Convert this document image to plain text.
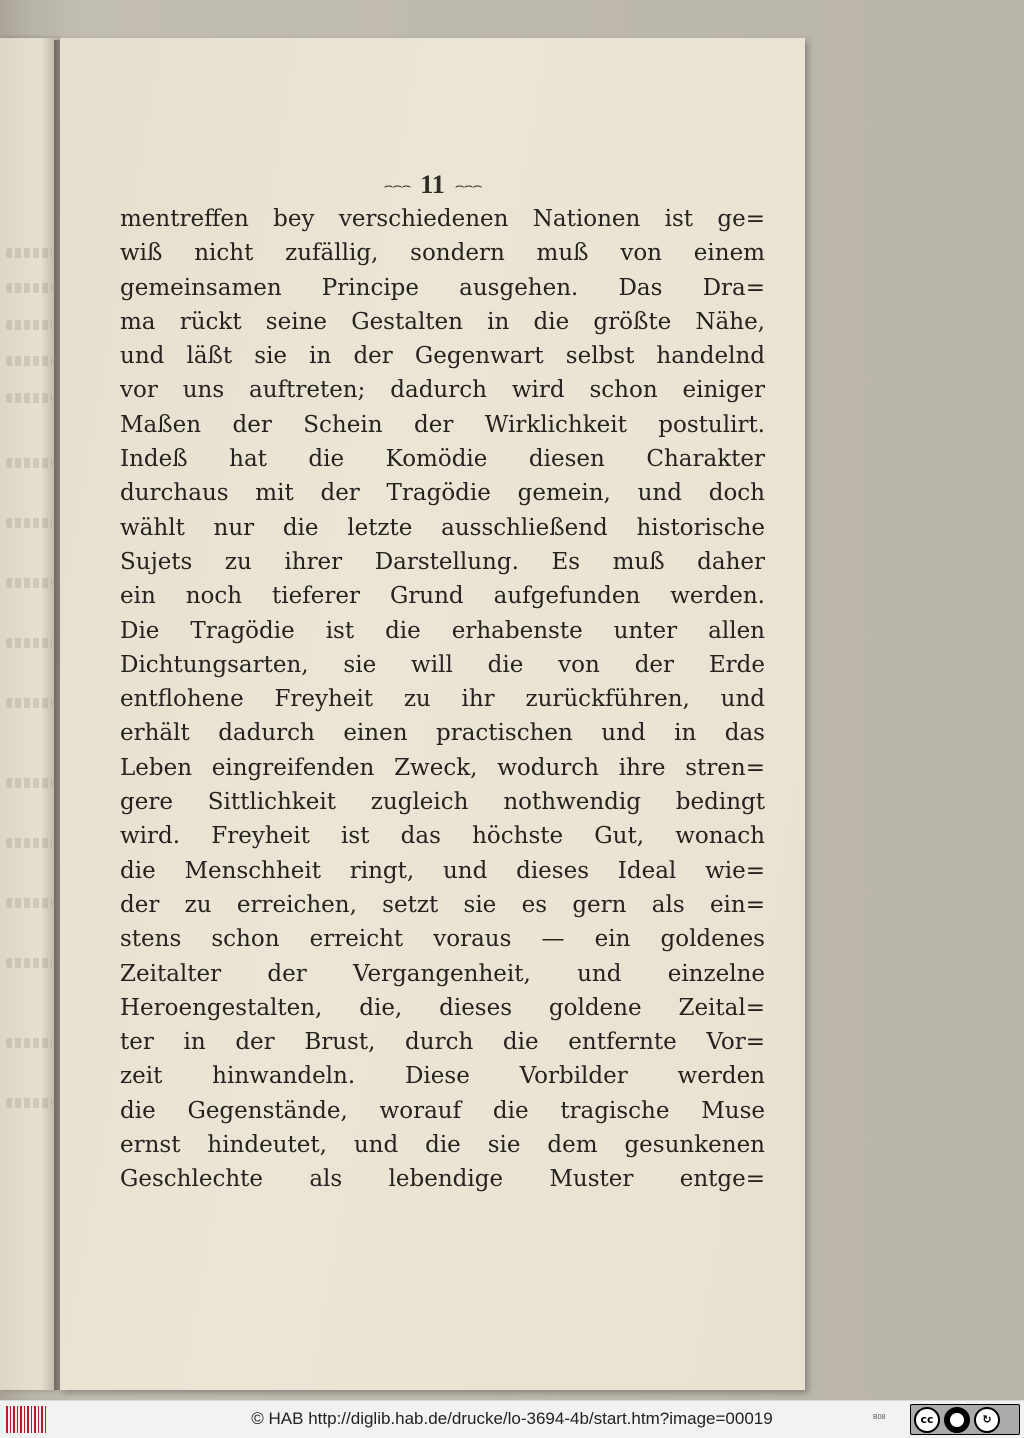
⌢⌢⌢ 11 ⌢⌢⌢
mentreffen bey verschiedenen Nationen ist ge=
wiß nicht zufällig, sondern muß von einem
gemeinsamen Principe ausgehen. Das Dra=
ma rückt seine Gestalten in die größte Nähe,
und läßt sie in der Gegenwart selbst handelnd
vor uns auftreten; dadurch wird schon einiger
Maßen der Schein der Wirklichkeit postulirt.
Indeß hat die Komödie diesen Charakter
durchaus mit der Tragödie gemein, und doch
wählt nur die letzte ausschließend historische
Sujets zu ihrer Darstellung. Es muß daher
ein noch tieferer Grund aufgefunden werden.
Die Tragödie ist die erhabenste unter allen
Dichtungsarten, sie will die von der Erde
entflohene Freyheit zu ihr zurückführen, und
erhält dadurch einen practischen und in das
Leben eingreifenden Zweck, wodurch ihre stren=
gere Sittlichkeit zugleich nothwendig bedingt
wird. Freyheit ist das höchste Gut, wonach
die Menschheit ringt, und dieses Ideal wie=
der zu erreichen, setzt sie es gern als ein=
stens schon erreicht voraus — ein goldenes
Zeitalter der Vergangenheit, und einzelne
Heroengestalten, die, dieses goldene Zeital=
ter in der Brust, durch die entfernte Vor=
zeit hinwandeln. Diese Vorbilder werden
die Gegenstände, worauf die tragische Muse
ernst hindeutet, und die sie dem gesunkenen
Geschlechte als lebendige Muster entge=
© HAB http://diglib.hab.de/drucke/lo-3694-4b/start.htm?image=00019	B08	cc	↻
